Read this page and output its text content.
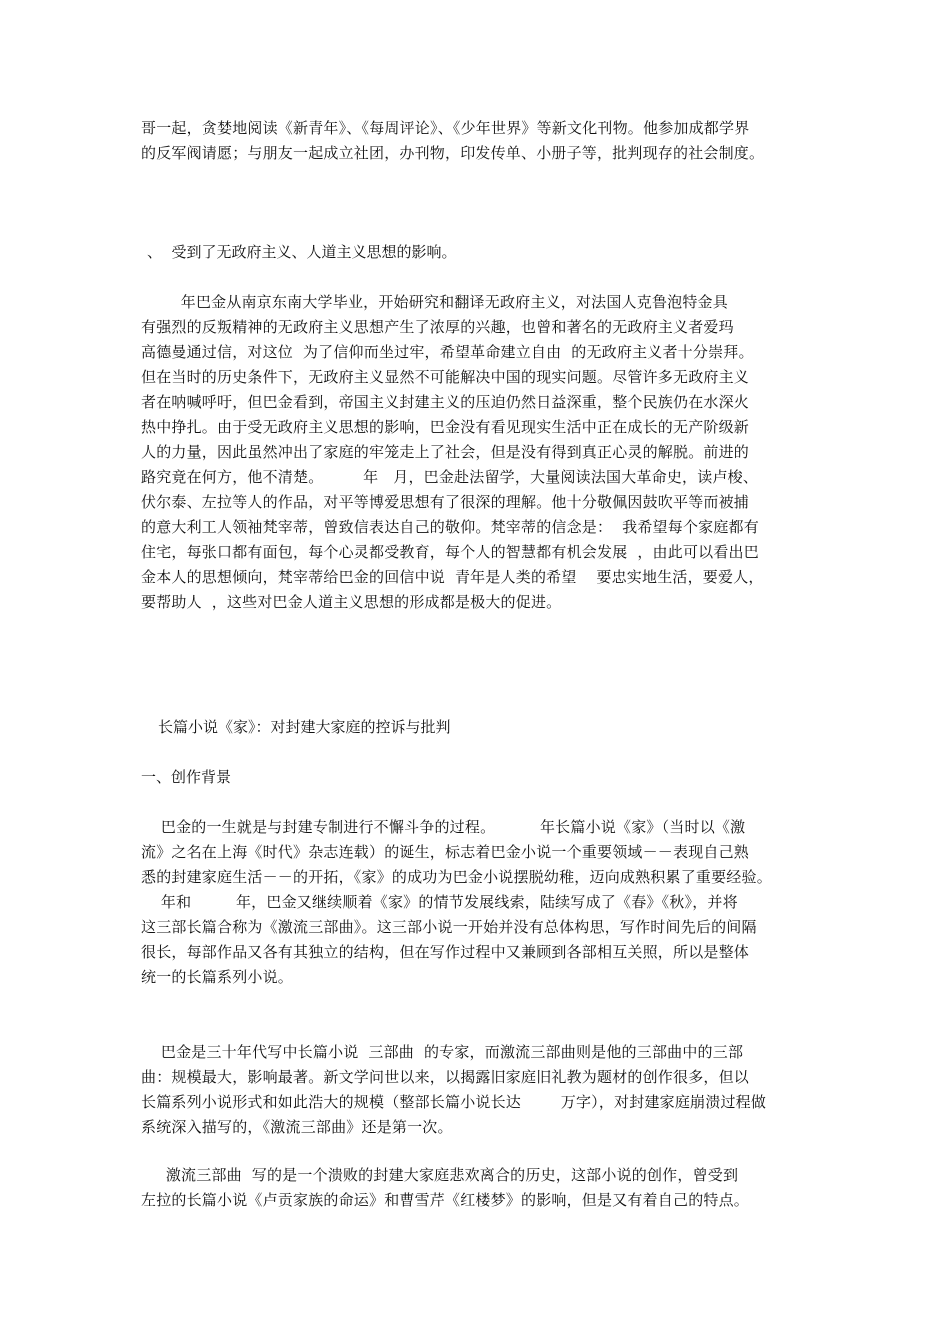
哥一起，贪婪地阅读《新青年》、《每周评论》、《少年世界》等新文化刊物。他参加成都学界
的反军阀请愿；与朋友一起成立社团，办刊物，印发传单、小册子等，批判现存的社会制度。
、  受到了无政府主义、人道主义思想的影响。
年巴金从南京东南大学毕业，开始研究和翻译无政府主义，对法国人克鲁泡特金具
有强烈的反叛精神的无政府主义思想产生了浓厚的兴趣，也曾和著名的无政府主义者爱玛
高德曼通过信，对这位  为了信仰而坐过牢，希望革命建立自由  的无政府主义者十分崇拜。
但在当时的历史条件下，无政府主义显然不可能解决中国的现实问题。尽管许多无政府主义
者在呐喊呼吁，但巴金看到，帝国主义封建主义的压迫仍然日益深重，整个民族仍在水深火
热中挣扎。由于受无政府主义思想的影响，巴金没有看见现实生活中正在成长的无产阶级新
人的力量，因此虽然冲出了家庭的牢笼走上了社会，但是没有得到真正心灵的解脱。前进的
路究竟在何方，他不清楚。        年   月，巴金赴法留学，大量阅读法国大革命史，读卢梭、
伏尔泰、左拉等人的作品，对平等博爱思想有了很深的理解。他十分敬佩因鼓吹平等而被捕
的意大利工人领袖梵宰蒂，曾致信表达自己的敬仰。梵宰蒂的信念是：  我希望每个家庭都有
住宅，每张口都有面包，每个心灵都受教育，每个人的智慧都有机会发展  ，由此可以看出巴
金本人的思想倾向，梵宰蒂给巴金的回信中说  青年是人类的希望    要忠实地生活，要爱人，
要帮助人  ，这些对巴金人道主义思想的形成都是极大的促进。
长篇小说《家》：对封建大家庭的控诉与批判
一、创作背景
巴金的一生就是与封建专制进行不懈斗争的过程。         年长篇小说《家》（当时以《激
流》之名在上海《时代》杂志连载）的诞生，标志着巴金小说一个重要领域－－表现自己熟
悉的封建家庭生活－－的开拓，《家》的成功为巴金小说摆脱幼稚，迈向成熟积累了重要经验。
年和         年，巴金又继续顺着《家》的情节发展线索，陆续写成了《春》《秋》，并将
这三部长篇合称为《激流三部曲》。这三部小说一开始并没有总体构思，写作时间先后的间隔
很长，每部作品又各有其独立的结构，但在写作过程中又兼顾到各部相互关照，所以是整体
统一的长篇系列小说。
巴金是三十年代写中长篇小说  三部曲  的专家，而激流三部曲则是他的三部曲中的三部
曲：规模最大，影响最著。新文学问世以来，以揭露旧家庭旧礼教为题材的创作很多，但以
长篇系列小说形式和如此浩大的规模（整部长篇小说长达        万字），对封建家庭崩溃过程做
系统深入描写的，《激流三部曲》还是第一次。
激流三部曲  写的是一个溃败的封建大家庭悲欢离合的历史，这部小说的创作，曾受到
左拉的长篇小说《卢贡家族的命运》和曹雪芹《红楼梦》的影响，但是又有着自己的特点。
